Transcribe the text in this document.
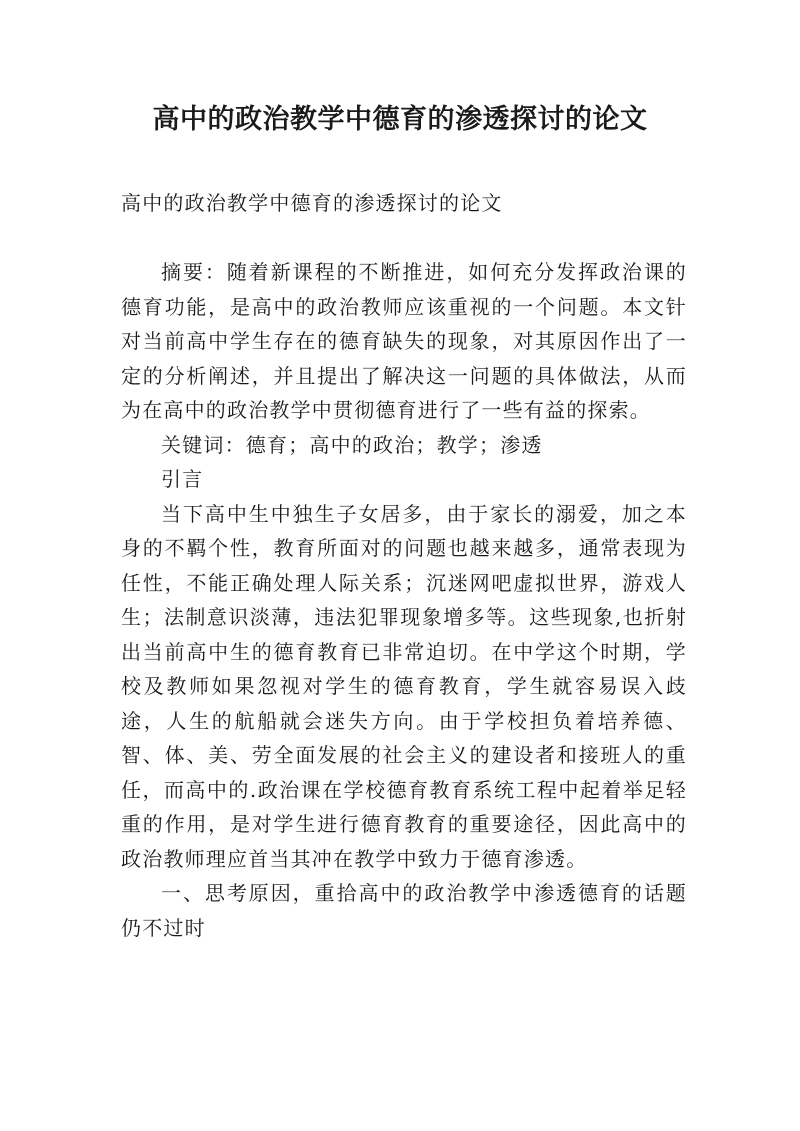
高中的政治教学中德育的渗透探讨的论文

高中的政治教学中德育的渗透探讨的论文

摘要：随着新课程的不断推进，如何充分发挥政治课的德育功能，是高中的政治教师应该重视的一个问题。本文针对当前高中学生存在的德育缺失的现象，对其原因作出了一定的分析阐述，并且提出了解决这一问题的具体做法，从而为在高中的政治教学中贯彻德育进行了一些有益的探索。

关键词：德育；高中的政治；教学；渗透

引言

当下高中生中独生子女居多，由于家长的溺爱，加之本身的不羁个性，教育所面对的问题也越来越多，通常表现为任性，不能正确处理人际关系；沉迷网吧虚拟世界，游戏人生；法制意识淡薄，违法犯罪现象增多等。这些现象,也折射出当前高中生的德育教育已非常迫切。在中学这个时期，学校及教师如果忽视对学生的德育教育，学生就容易误入歧途，人生的航船就会迷失方向。由于学校担负着培养德、智、体、美、劳全面发展的社会主义的建设者和接班人的重任，而高中的.政治课在学校德育教育系统工程中起着举足轻重的作用，是对学生进行德育教育的重要途径，因此高中的政治教师理应首当其冲在教学中致力于德育渗透。

一、思考原因，重拾高中的政治教学中渗透德育的话题仍不过时
